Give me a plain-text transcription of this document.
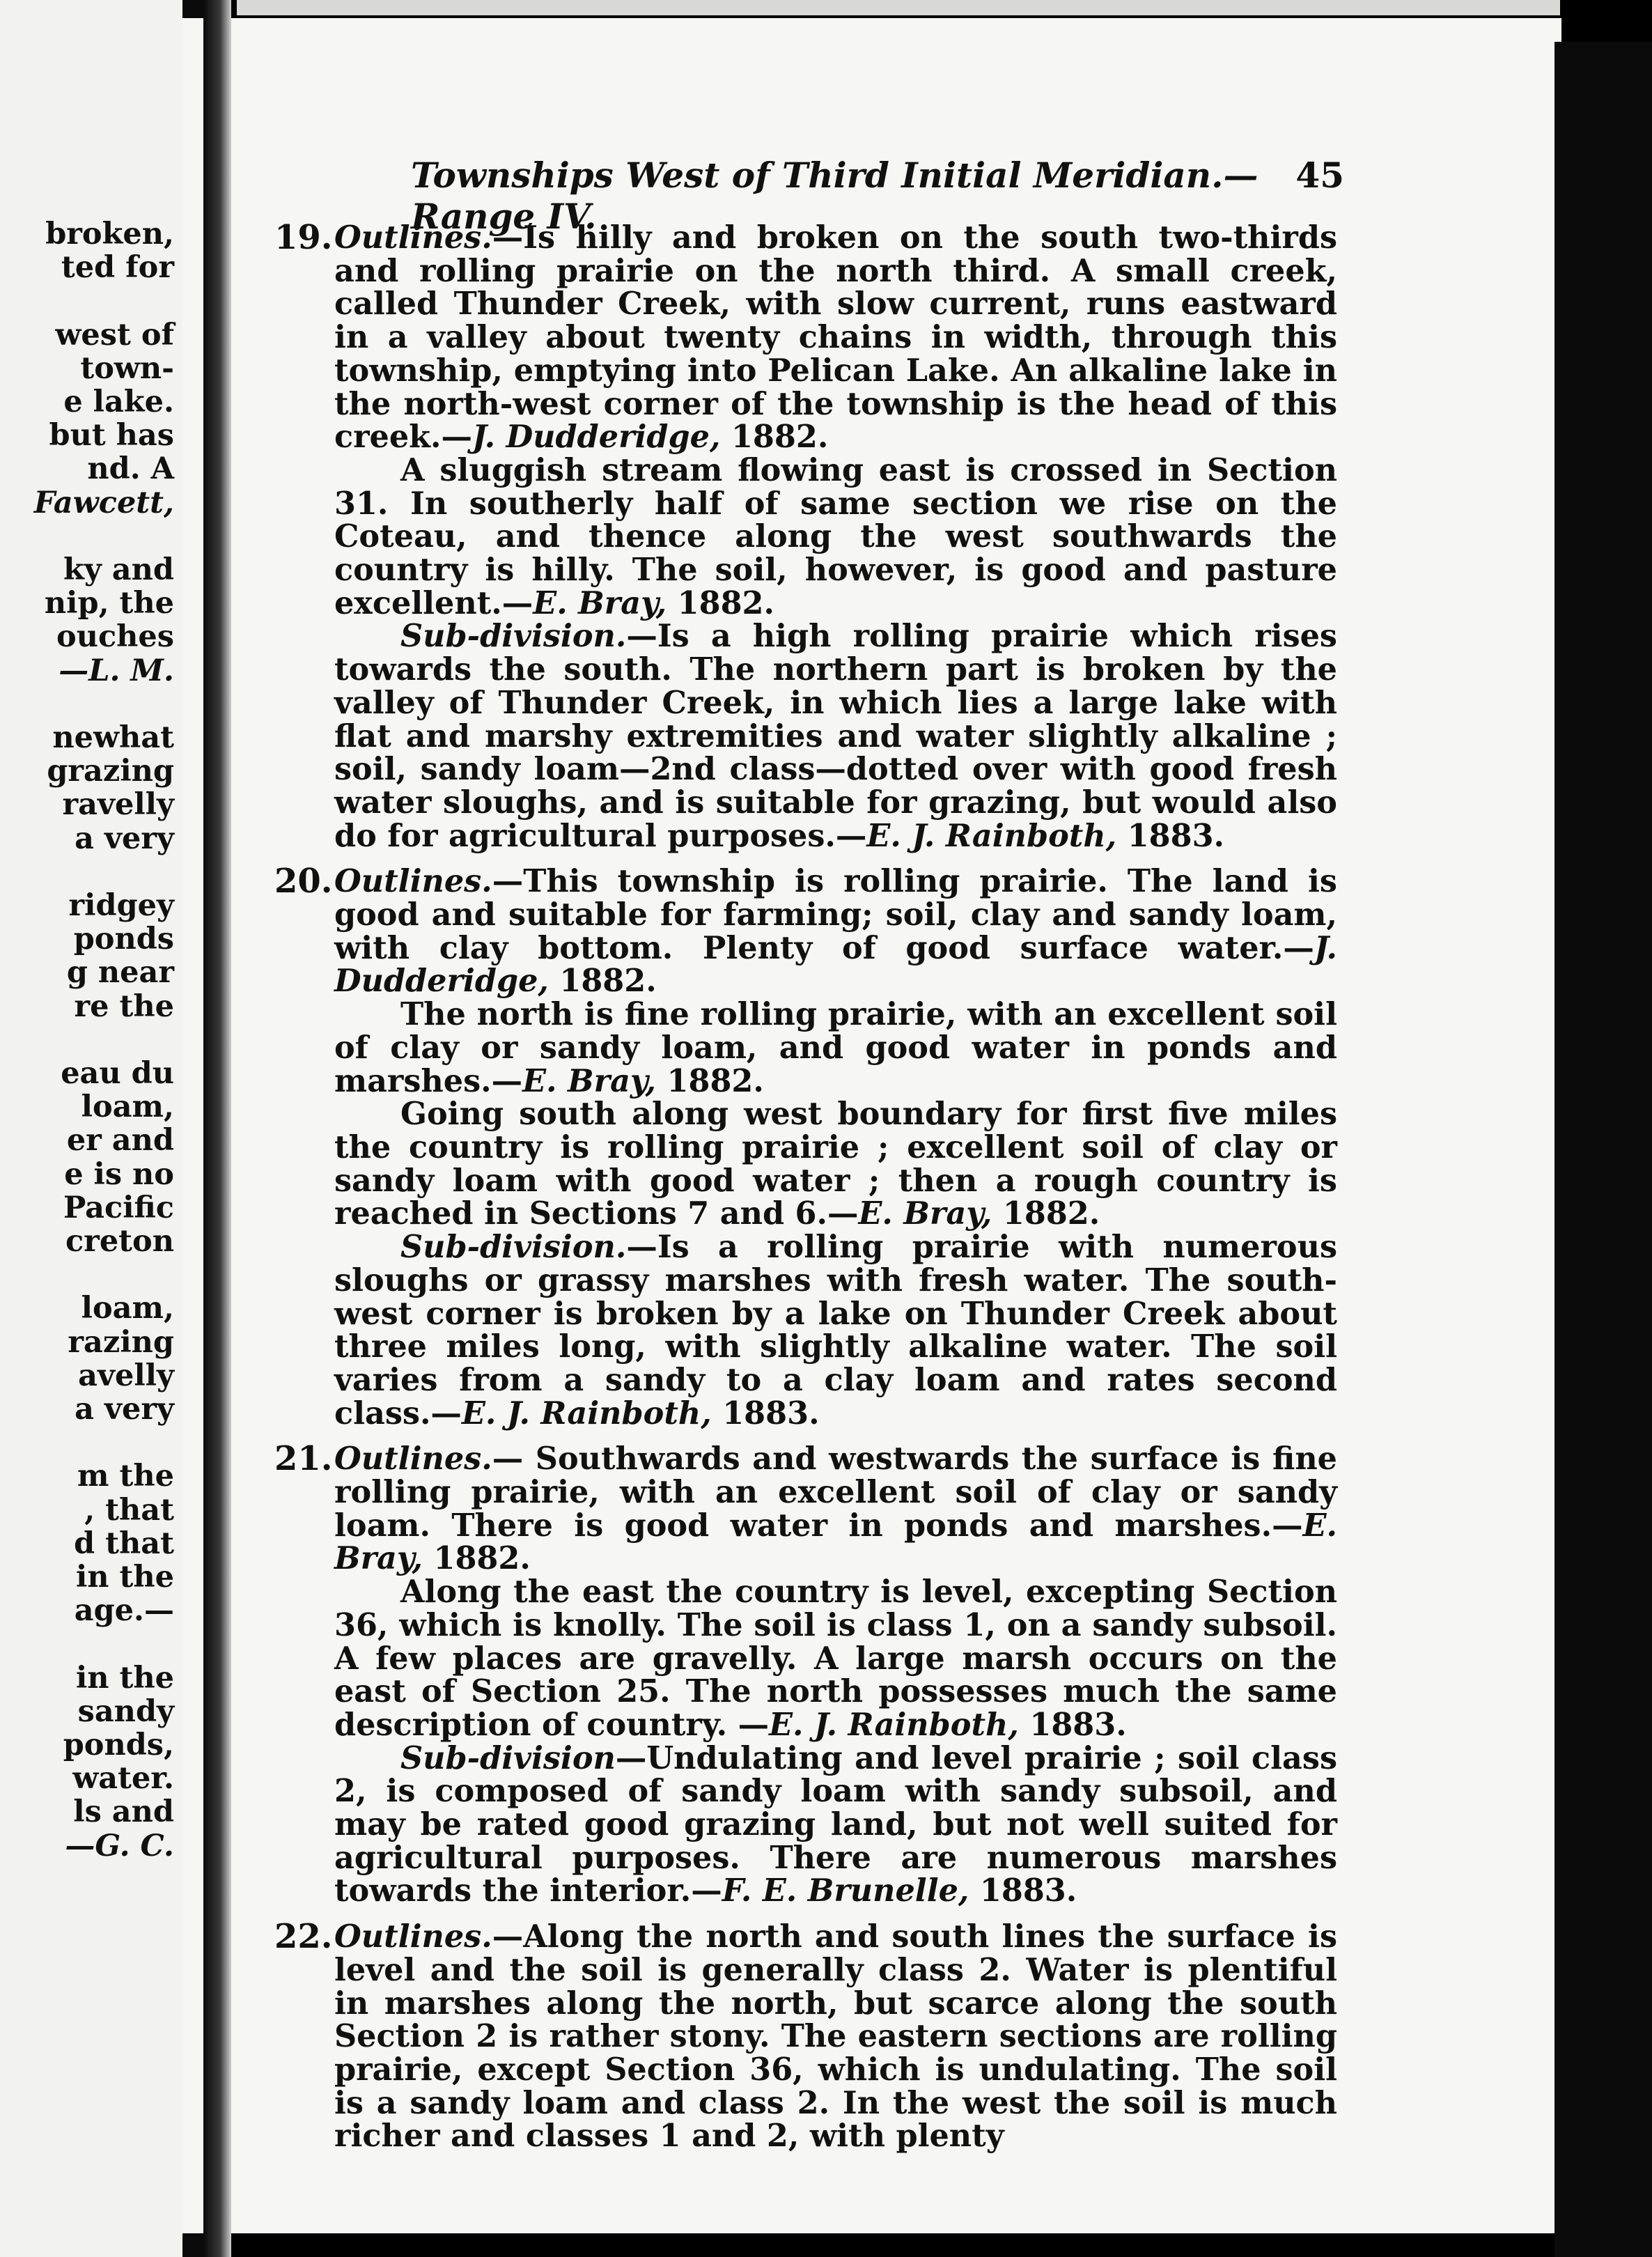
broken,
ted for
west of
town-
e lake.
but has
nd. A
Fawcett,
ky and
nip, the
ouches
—L. M.
newhat
grazing
ravelly
a very
ridgey
ponds
g near
re the
eau du
loam,
er and
e is no
Pacific
creton
loam,
razing
avelly
a very
m the
, that
d that
in the
age.—
in the
sandy
ponds,
water.
ls and
—G. C.
Townships West of Third Initial Meridian.—Range IV.
45
19. Outlines.—Is hilly and broken on the south two-thirds and rolling prairie on the north third. A small creek, called Thunder Creek, with slow current, runs eastward in a valley about twenty chains in width, through this township, emptying into Pelican Lake. An alkaline lake in the north-west corner of the township is the head of this creek.—J. Dudderidge, 1882.

A sluggish stream flowing east is crossed in Section 31. In southerly half of same section we rise on the Coteau, and thence along the west southwards the country is hilly. The soil, however, is good and pasture excellent.—E. Bray, 1882.

Sub-division.—Is a high rolling prairie which rises towards the south. The northern part is broken by the valley of Thunder Creek, in which lies a large lake with flat and marshy extremities and water slightly alkaline ; soil, sandy loam—2nd class—dotted over with good fresh water sloughs, and is suitable for grazing, but would also do for agricultural purposes.—E. J. Rainboth, 1883.

20. Outlines.—This township is rolling prairie. The land is good and suitable for farming; soil, clay and sandy loam, with clay bottom. Plenty of good surface water.—J. Dudderidge, 1882.

The north is fine rolling prairie, with an excellent soil of clay or sandy loam, and good water in ponds and marshes.—E. Bray, 1882.

Going south along west boundary for first five miles the country is rolling prairie ; excellent soil of clay or sandy loam with good water ; then a rough country is reached in Sections 7 and 6.—E. Bray, 1882.

Sub-division.—Is a rolling prairie with numerous sloughs or grassy marshes with fresh water. The south-west corner is broken by a lake on Thunder Creek about three miles long, with slightly alkaline water. The soil varies from a sandy to a clay loam and rates second class.—E. J. Rainboth, 1883.

21. Outlines.— Southwards and westwards the surface is fine rolling prairie, with an excellent soil of clay or sandy loam. There is good water in ponds and marshes.—E. Bray, 1882.

Along the east the country is level, excepting Section 36, which is knolly. The soil is class 1, on a sandy subsoil. A few places are gravelly. A large marsh occurs on the east of Section 25. The north possesses much the same description of country. —E. J. Rainboth, 1883.

Sub-division—Undulating and level prairie ; soil class 2, is composed of sandy loam with sandy subsoil, and may be rated good grazing land, but not well suited for agricultural purposes. There are numerous marshes towards the interior.—F. E. Brunelle, 1883.

22. Outlines.—Along the north and south lines the surface is level and the soil is generally class 2. Water is plentiful in marshes along the north, but scarce along the south Section 2 is rather stony. The eastern sections are rolling prairie, except Section 36, which is undulating. The soil is a sandy loam and class 2. In the west the soil is much richer and classes 1 and 2, with plenty
